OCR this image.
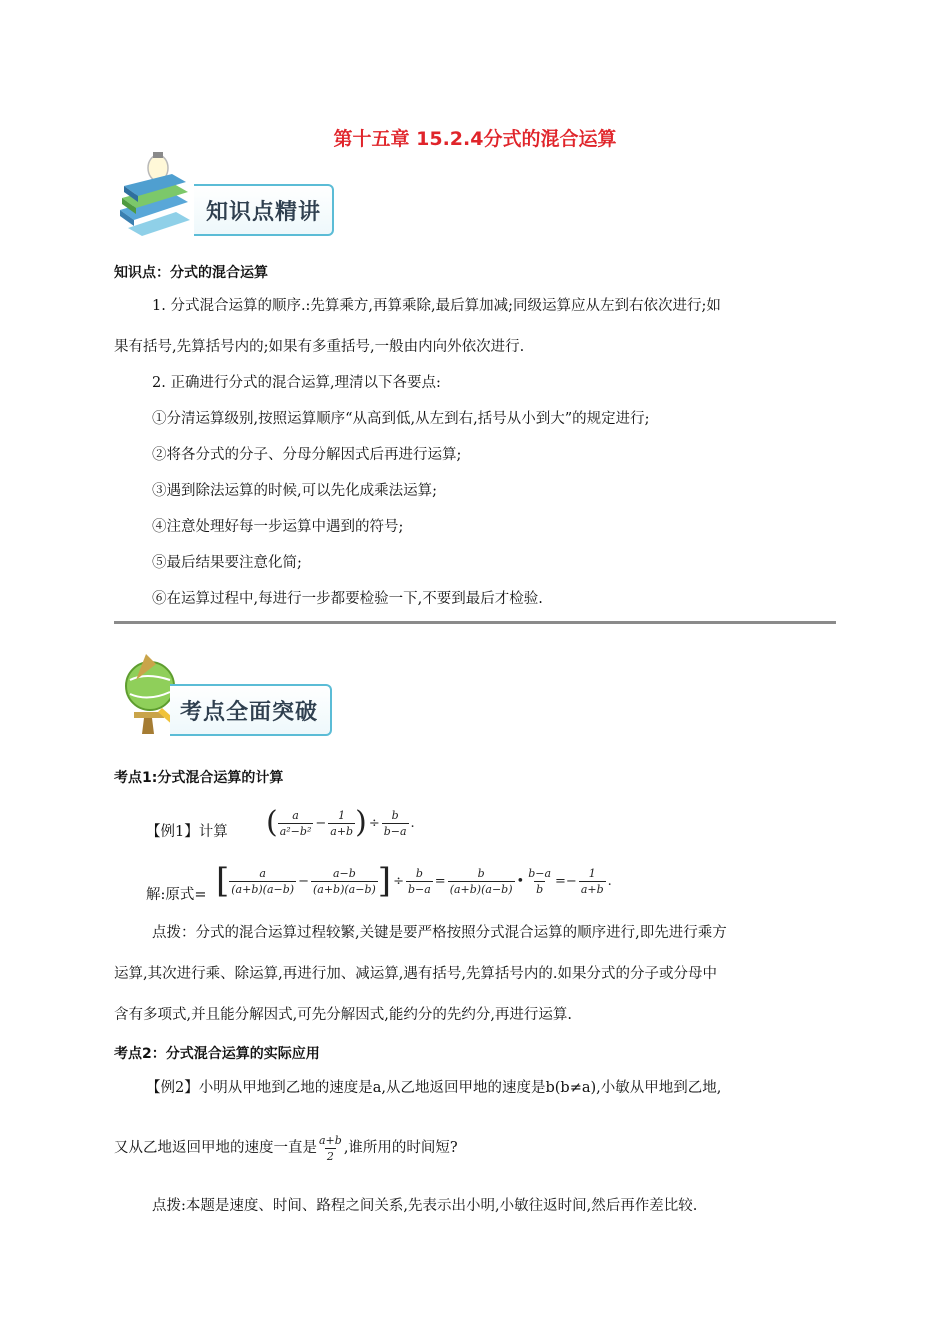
第十五章 15.2.4分式的混合运算
知识点精讲
知识点：分式的混合运算
1. 分式混合运算的顺序.:先算乘方,再算乘除,最后算加减;同级运算应从左到右依次进行;如
果有括号,先算括号内的;如果有多重括号,一般由内向外依次进行.
2. 正确进行分式的混合运算,理清以下各要点:
①分清运算级别,按照运算顺序“从高到低,从左到右,括号从小到大”的规定进行;
②将各分式的分子、分母分解因式后再进行运算;
③遇到除法运算的时候,可以先化成乘法运算;
④注意处理好每一步运算中遇到的符号;
⑤最后结果要注意化简;
⑥在运算过程中,每进行一步都要检验一下,不要到最后才检验.
考点全面突破
考点1:分式混合运算的计算
【例1】计算 ( $\frac{a}{\text{a²−b²}} - \frac{1}{a+b}$ ) ÷ $\frac{b}{b-a}$ .
解:原式= [ $\frac{a}{(a+b)(a-b)} - \frac{a-b}{(a+b)(a-b)}$ ] ÷ $\frac{b}{b-a} = \frac{b}{(a+b)(a-b)}$ • $\frac{b-a}{b} =- \frac{1}{a+b}$ .
点拨：分式的混合运算过程较繁,关键是要严格按照分式混合运算的顺序进行,即先进行乘方
运算,其次进行乘、除运算,再进行加、减运算,遇有括号,先算括号内的.如果分式的分子或分母中
含有多项式,并且能分解因式,可先分解因式,能约分的先约分,再进行运算.
考点2：分式混合运算的实际应用
【例2】小明从甲地到乙地的速度是a,从乙地返回甲地的速度是b(b≠a),小敏从甲地到乙地,
又从乙地返回甲地的速度一直是 $\frac{a+b}{2}$ ,谁所用的时间短?
点拨:本题是速度、时间、路程之间关系,先表示出小明,小敏往返时间,然后再作差比较.
